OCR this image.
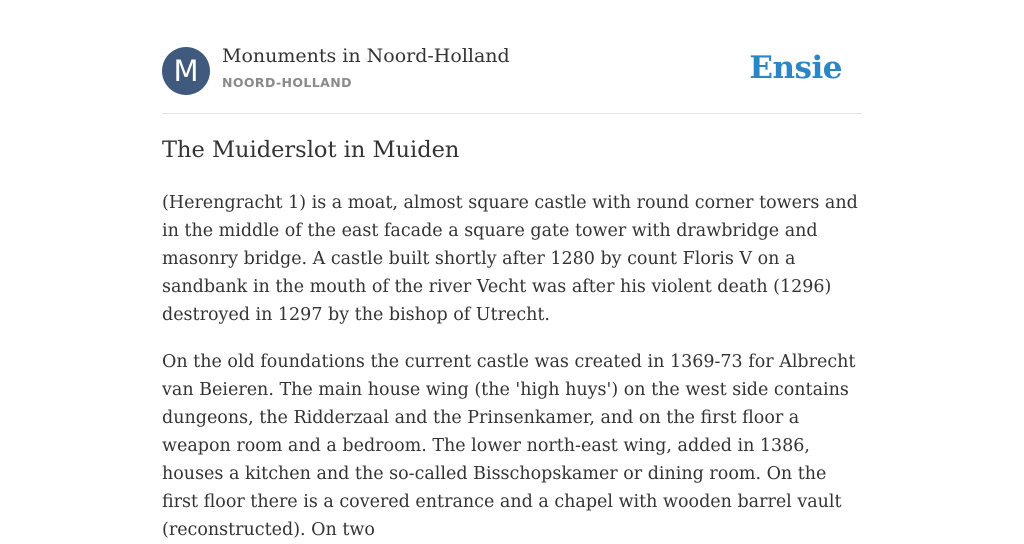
M	Monuments in Noord-Holland
NOORD-HOLLAND	Ensie
The Muiderslot in Muiden

(Herengracht 1) is a moat, almost square castle with round corner towers and in the middle of the east facade a square gate tower with drawbridge and masonry bridge. A castle built shortly after 1280 by count Floris V on a sandbank in the mouth of the river Vecht was after his violent death (1296) destroyed in 1297 by the bishop of Utrecht.

On the old foundations the current castle was created in 1369-73 for Albrecht van Beieren. The main house wing (the 'high huys') on the west side contains dungeons, the Ridderzaal and the Prinsenkamer, and on the first floor a weapon room and a bedroom. The lower north-east wing, added in 1386, houses a kitchen and the so-called Bisschopskamer or dining room. On the first floor there is a covered entrance and a chapel with wooden barrel vault (reconstructed). On two
